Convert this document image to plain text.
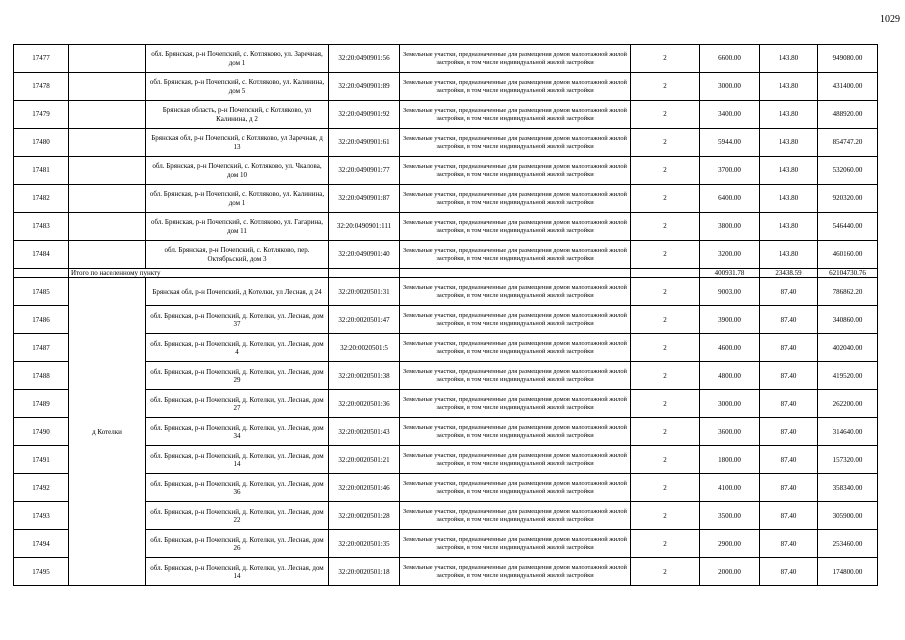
1029
17477		обл. Брянская, р-н Почепский, с. Котляково, ул. Заречная, дом 1	32:20:0490901:56	Земельные участки, предназначенные для размещения домов малоэтажной жилой застройки, в том числе индивидуальной жилой застройки	2	6600.00	143.80	949080.00
17478		обл. Брянская, р-н Почепский, с. Котляково, ул. Калинина, дом 5	32:20:0490901:89	Земельные участки, предназначенные для размещения домов малоэтажной жилой застройки, в том числе индивидуальной жилой застройки	2	3000.00	143.80	431400.00
17479		Брянская область, р-н Почепский, с Котляково, ул Калинина, д 2	32:20:0490901:92	Земельные участки, предназначенные для размещения домов малоэтажной жилой застройки, в том числе индивидуальной жилой застройки	2	3400.00	143.80	488920.00
17480		Брянская обл, р-н Почепский, с Котляково, ул Заречная, д 13	32:20:0490901:61	Земельные участки, предназначенные для размещения домов малоэтажной жилой застройки, в том числе индивидуальной жилой застройки	2	5944.00	143.80	854747.20
17481		обл. Брянская, р-н Почепский, с. Котляково, ул. Чкалова, дом 10	32:20:0490901:77	Земельные участки, предназначенные для размещения домов малоэтажной жилой застройки, в том числе индивидуальной жилой застройки	2	3700.00	143.80	532060.00
17482		обл. Брянская, р-н Почепский, с. Котляково, ул. Калинина, дом 1	32:20:0490901:87	Земельные участки, предназначенные для размещения домов малоэтажной жилой застройки, в том числе индивидуальной жилой застройки	2	6400.00	143.80	920320.00
17483		обл. Брянская, р-н Почепский, с. Котляково, ул. Гагарина, дом 11	32:20:0490901:111	Земельные участки, предназначенные для размещения домов малоэтажной жилой застройки, в том числе индивидуальной жилой застройки	2	3800.00	143.80	546440.00
17484		обл. Брянская, р-н Почепский, с. Котляково, пер. Октябрьский, дом 3	32:20:0490901:40	Земельные участки, предназначенные для размещения домов малоэтажной жилой застройки, в том числе индивидуальной жилой застройки	2	3200.00	143.80	460160.00
	Итого по населенному пункту					400931.78	23438.59	62104730.76
17485	д Котелки	Брянская обл, р-н Почепский, д Котелки, ул Лесная, д 24	32:20:0020501:31	Земельные участки, предназначенные для размещения домов малоэтажной жилой застройки, в том числе индивидуальной жилой застройки	2	9003.00	87.40	786862.20
17486		обл. Брянская, р-н Почепский, д. Котелки, ул. Лесная, дом 37	32:20:0020501:47	Земельные участки, предназначенные для размещения домов малоэтажной жилой застройки, в том числе индивидуальной жилой застройки	2	3900.00	87.40	340860.00
17487		обл. Брянская, р-н Почепский, д. Котелки, ул. Лесная, дом 4	32:20:0020501:5	Земельные участки, предназначенные для размещения домов малоэтажной жилой застройки, в том числе индивидуальной жилой застройки	2	4600.00	87.40	402040.00
17488		обл. Брянская, р-н Почепский, д. Котелки, ул. Лесная, дом 29	32:20:0020501:38	Земельные участки, предназначенные для размещения домов малоэтажной жилой застройки, в том числе индивидуальной жилой застройки	2	4800.00	87.40	419520.00
17489		обл. Брянская, р-н Почепский, д. Котелки, ул. Лесная, дом 27	32:20:0020501:36	Земельные участки, предназначенные для размещения домов малоэтажной жилой застройки, в том числе индивидуальной жилой застройки	2	3000.00	87.40	262200.00
17490		обл. Брянская, р-н Почепский, д. Котелки, ул. Лесная, дом 34	32:20:0020501:43	Земельные участки, предназначенные для размещения домов малоэтажной жилой застройки, в том числе индивидуальной жилой застройки	2	3600.00	87.40	314640.00
17491		обл. Брянская, р-н Почепский, д. Котелки, ул. Лесная, дом 14	32:20:0020501:21	Земельные участки, предназначенные для размещения домов малоэтажной жилой застройки, в том числе индивидуальной жилой застройки	2	1800.00	87.40	157320.00
17492		обл. Брянская, р-н Почепский, д. Котелки, ул. Лесная, дом 36	32:20:0020501:46	Земельные участки, предназначенные для размещения домов малоэтажной жилой застройки, в том числе индивидуальной жилой застройки	2	4100.00	87.40	358340.00
17493		обл. Брянская, р-н Почепский, д. Котелки, ул. Лесная, дом 22	32:20:0020501:28	Земельные участки, предназначенные для размещения домов малоэтажной жилой застройки, в том числе индивидуальной жилой застройки	2	3500.00	87.40	305900.00
17494		обл. Брянская, р-н Почепский, д. Котелки, ул. Лесная, дом 26	32:20:0020501:35	Земельные участки, предназначенные для размещения домов малоэтажной жилой застройки, в том числе индивидуальной жилой застройки	2	2900.00	87.40	253460.00
17495		обл. Брянская, р-н Почепский, д. Котелки, ул. Лесная, дом 14	32:20:0020501:18	Земельные участки, предназначенные для размещения домов малоэтажной жилой застройки, в том числе индивидуальной жилой застройки	2	2000.00	87.40	174800.00
